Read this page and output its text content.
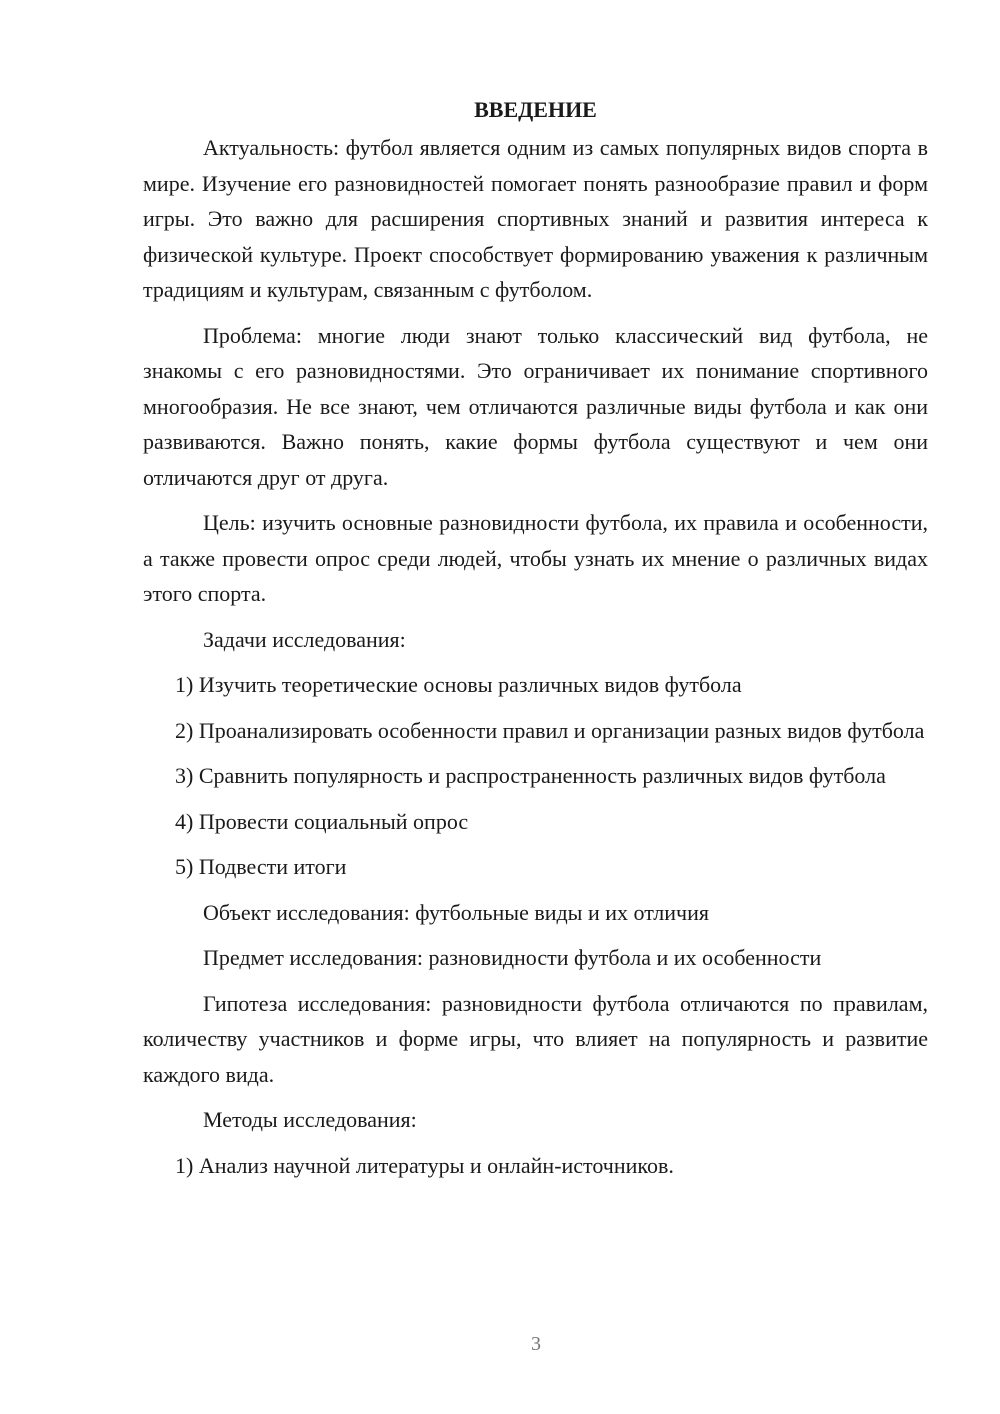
ВВЕДЕНИЕ

Актуальность: футбол является одним из самых популярных видов спорта в мире. Изучение его разновидностей помогает понять разнообразие правил и форм игры. Это важно для расширения спортивных знаний и развития интереса к физической культуре. Проект способствует формированию уважения к различным традициям и культурам, связанным с футболом.

Проблема: многие люди знают только классический вид футбола, не знакомы с его разновидностями. Это ограничивает их понимание спортивного многообразия. Не все знают, чем отличаются различные виды футбола и как они развиваются. Важно понять, какие формы футбола существуют и чем они отличаются друг от друга.

Цель: изучить основные разновидности футбола, их правила и особенности, а также провести опрос среди людей, чтобы узнать их мнение о различных видах этого спорта.

Задачи исследования:

1) Изучить теоретические основы различных видов футбола

2) Проанализировать особенности правил и организации разных видов футбола

3) Сравнить популярность и распространенность различных видов футбола

4) Провести социальный опрос

5) Подвести итоги

Объект исследования: футбольные виды и их отличия

Предмет исследования: разновидности футбола и их особенности

Гипотеза исследования: разновидности футбола отличаются по правилам, количеству участников и форме игры, что влияет на популярность и развитие каждого вида.

Методы исследования:

1) Анализ научной литературы и онлайн-источников.

3
